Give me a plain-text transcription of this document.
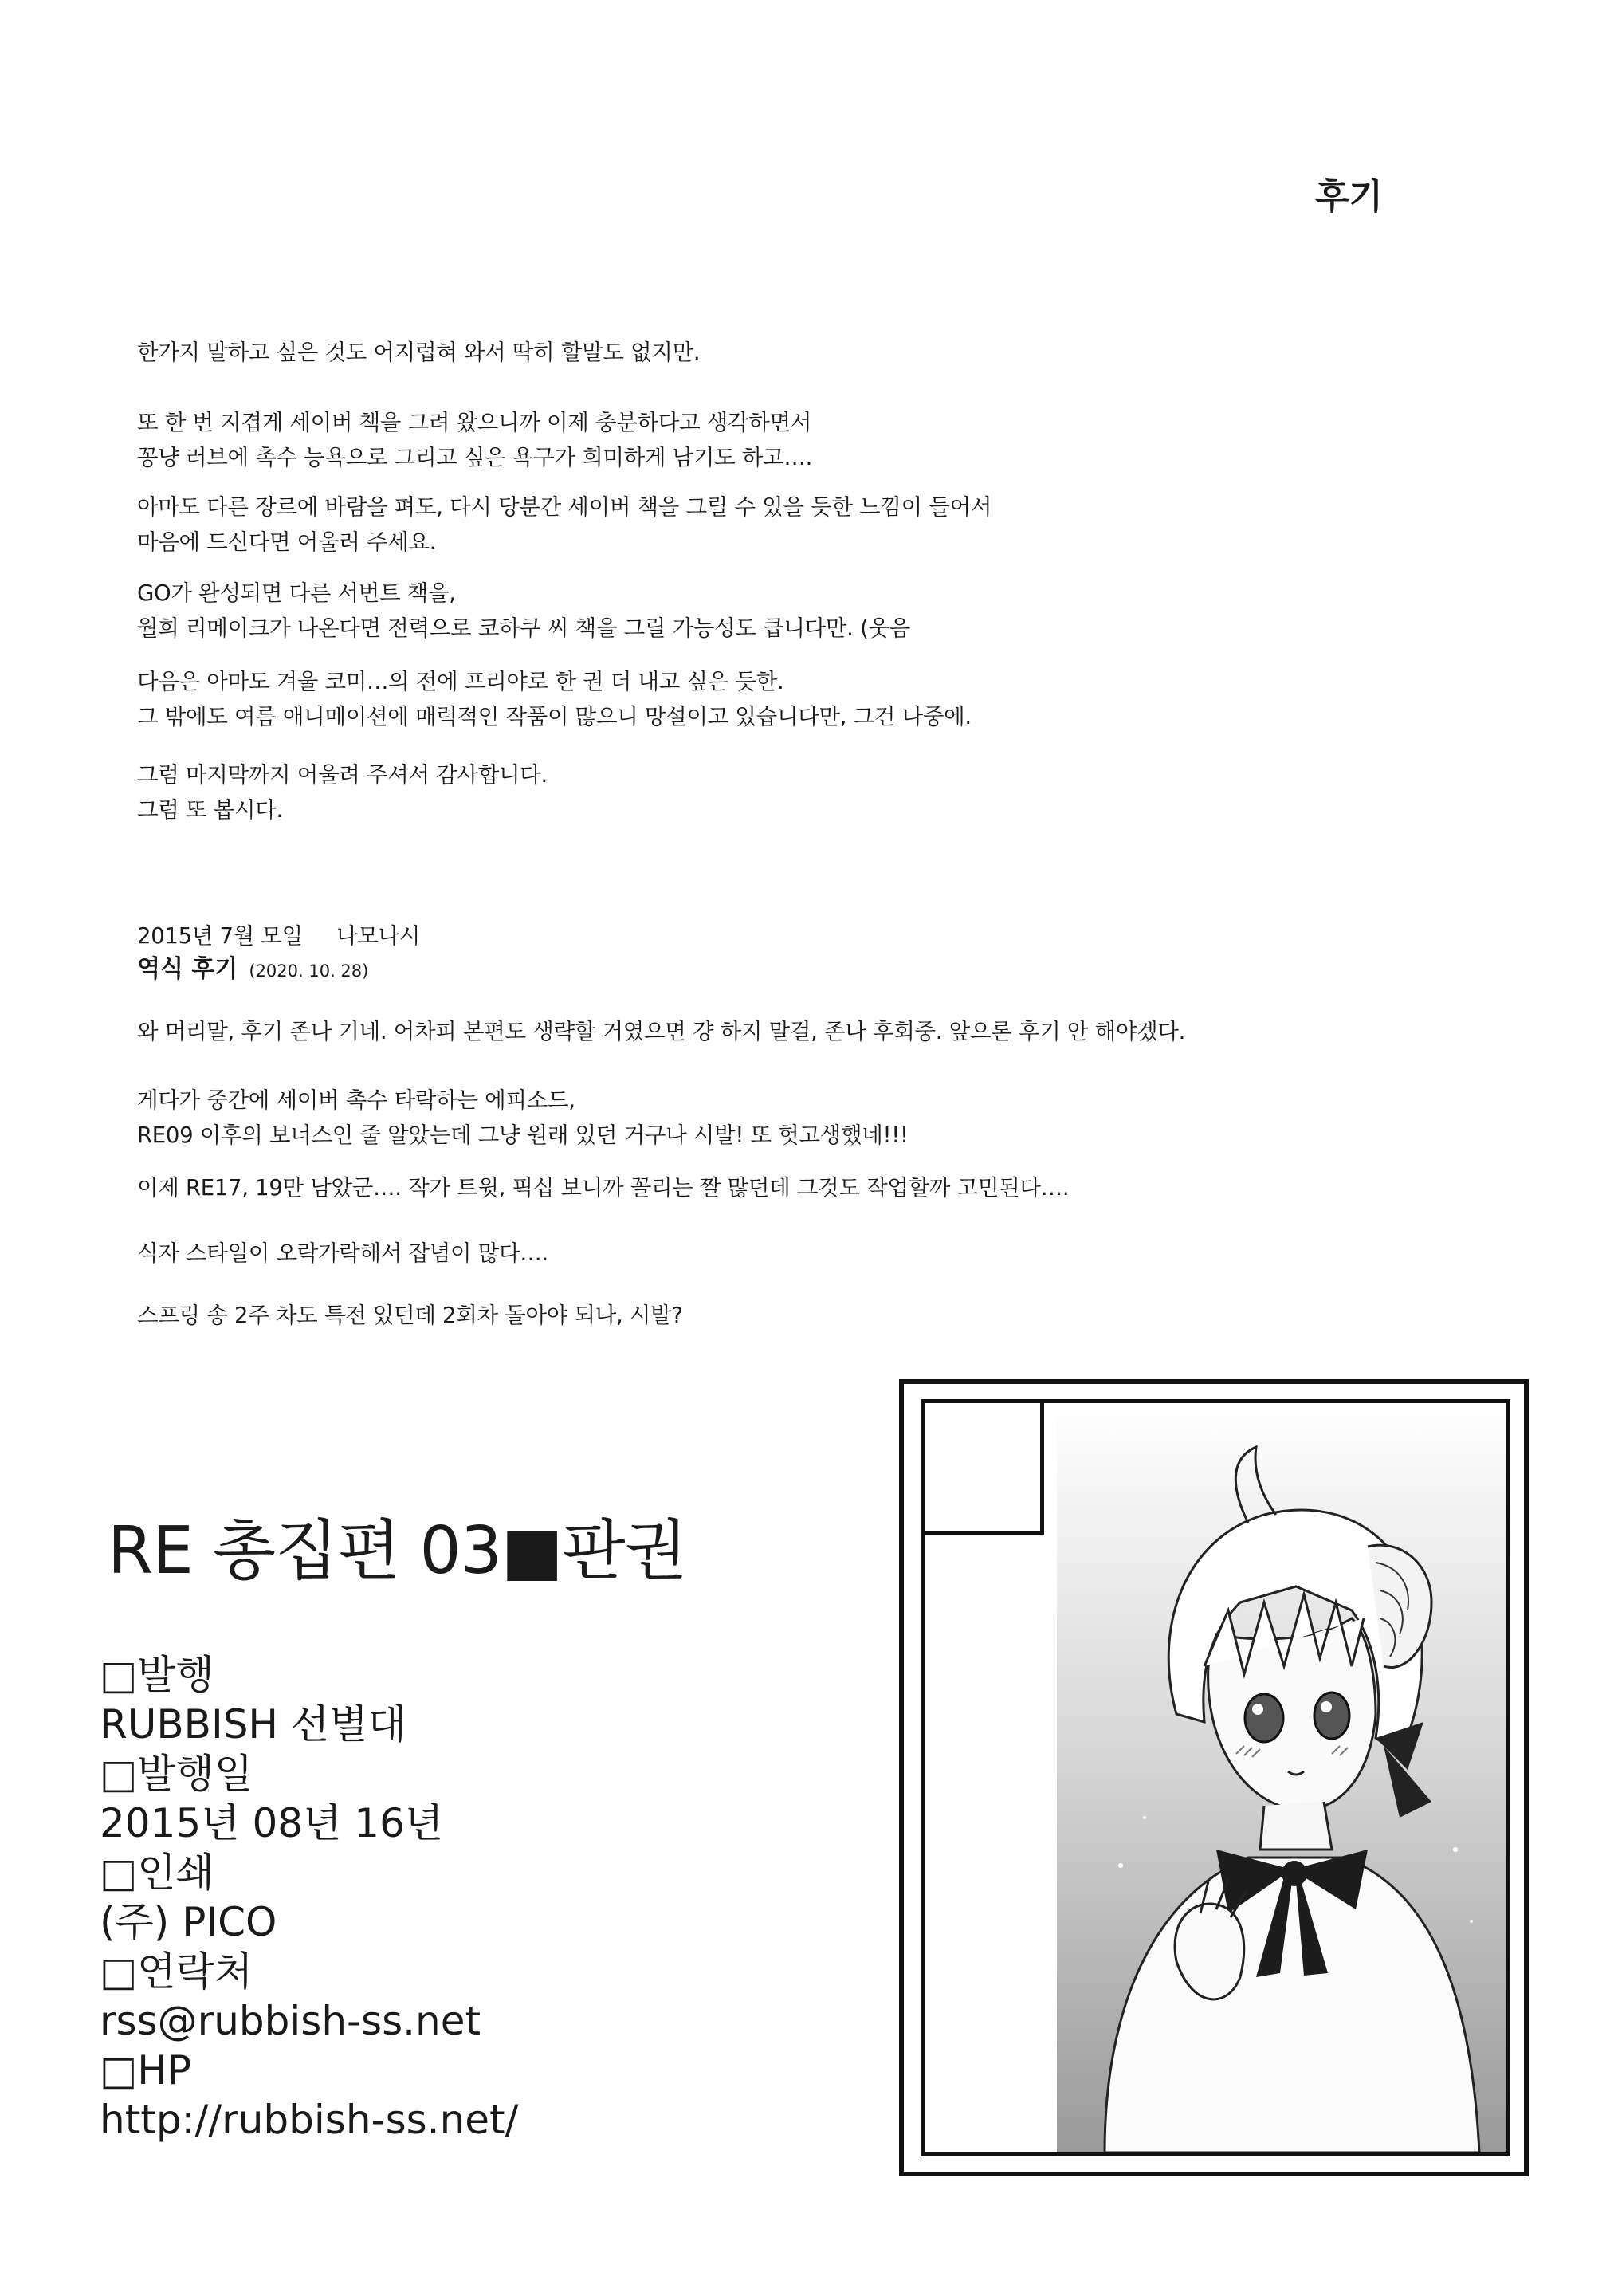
후기
한가지 말하고 싶은 것도 어지럽혀 와서 딱히 할말도 없지만.
또 한 번 지겹게 세이버 책을 그려 왔으니까 이제 충분하다고 생각하면서
꽁냥 러브에 촉수 능욕으로 그리고 싶은 욕구가 희미하게 남기도 하고….
아마도 다른 장르에 바람을 펴도, 다시 당분간 세이버 책을 그릴 수 있을 듯한 느낌이 들어서
마음에 드신다면 어울려 주세요.
GO가 완성되면 다른 서번트 책을,
월희 리메이크가 나온다면 전력으로 코하쿠 씨 책을 그릴 가능성도 큽니다만. (웃음
다음은 아마도 겨울 코미…의 전에 프리야로 한 권 더 내고 싶은 듯한.
그 밖에도 여름 애니메이션에 매력적인 작품이 많으니 망설이고 있습니다만, 그건 나중에.
그럼 마지막까지 어울려 주셔서 감사합니다.
그럼 또 봅시다.

2015년 7월 모일     나모나시

역식 후기 (2020. 10. 28)
와 머리말, 후기 존나 기네. 어차피 본편도 생략할 거였으면 걍 하지 말걸, 존나 후회중. 앞으론 후기 안 해야겠다.
게다가 중간에 세이버 촉수 타락하는 에피소드,
RE09 이후의 보너스인 줄 알았는데 그냥 원래 있던 거구나 시발! 또 헛고생했네!!!
이제 RE17, 19만 남았군…. 작가 트윗, 픽십 보니까 꼴리는 짤 많던데 그것도 작업할까 고민된다….
식자 스타일이 오락가락해서 잡념이 많다….
스프링 송 2주 차도 특전 있던데 2회차 돌아야 되나, 시발?
RE 총집편 03■판권
□발행
RUBBISH 선별대
□발행일
2015년 08년 16년
□인쇄
(주) PICO
□연락처
rss@rubbish-ss.net
□HP
http://rubbish-ss.net/
